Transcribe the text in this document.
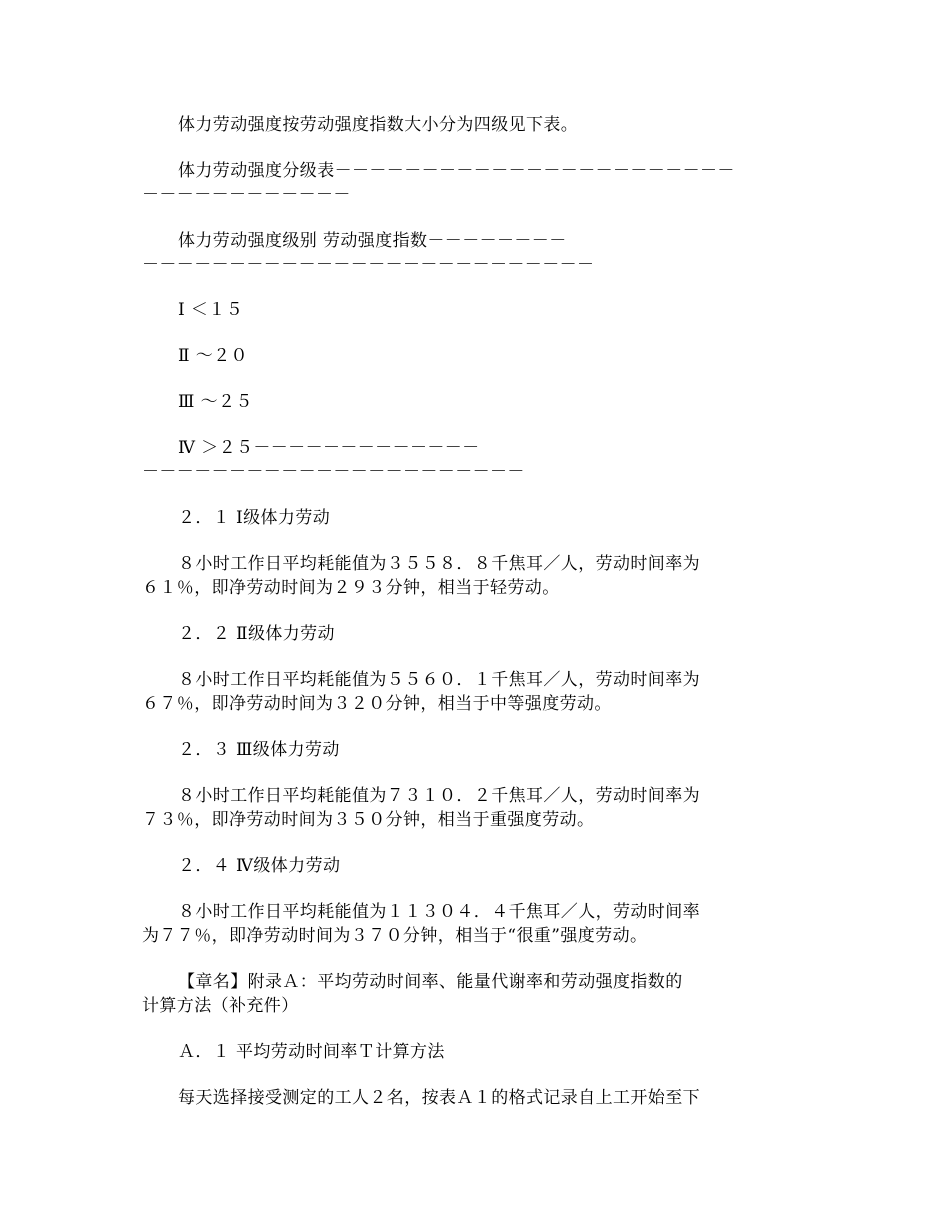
体力劳动强度按劳动强度指数大小分为四级见下表。
体力劳动强度分级表－－－－－－－－－－－－－－－－－－－－－－－
－－－－－－－－－－－－
体力劳动强度级别 劳动强度指数－－－－－－－－
－－－－－－－－－－－－－－－－－－－－－－－－－－
Ⅰ ＜１５
Ⅱ ～２０
Ⅲ ～２５
Ⅳ ＞２５－－－－－－－－－－－－－
－－－－－－－－－－－－－－－－－－－－－－
２．１ Ⅰ级体力劳动
８小时工作日平均耗能值为３５５８．８千焦耳／人，劳动时间率为
６１％，即净劳动时间为２９３分钟，相当于轻劳动。
２．２ Ⅱ级体力劳动
８小时工作日平均耗能值为５５６０．１千焦耳／人，劳动时间率为
６７％，即净劳动时间为３２０分钟，相当于中等强度劳动。
２．３ Ⅲ级体力劳动
８小时工作日平均耗能值为７３１０．２千焦耳／人，劳动时间率为
７３％，即净劳动时间为３５０分钟，相当于重强度劳动。
２．４ Ⅳ级体力劳动
８小时工作日平均耗能值为１１３０４．４千焦耳／人，劳动时间率
为７７％，即净劳动时间为３７０分钟，相当于“很重”强度劳动。
【章名】附录Ａ：平均劳动时间率、能量代谢率和劳动强度指数的
计算方法（补充件）
Ａ．１ 平均劳动时间率Ｔ计算方法
每天选择接受测定的工人２名，按表Ａ１的格式记录自上工开始至下
